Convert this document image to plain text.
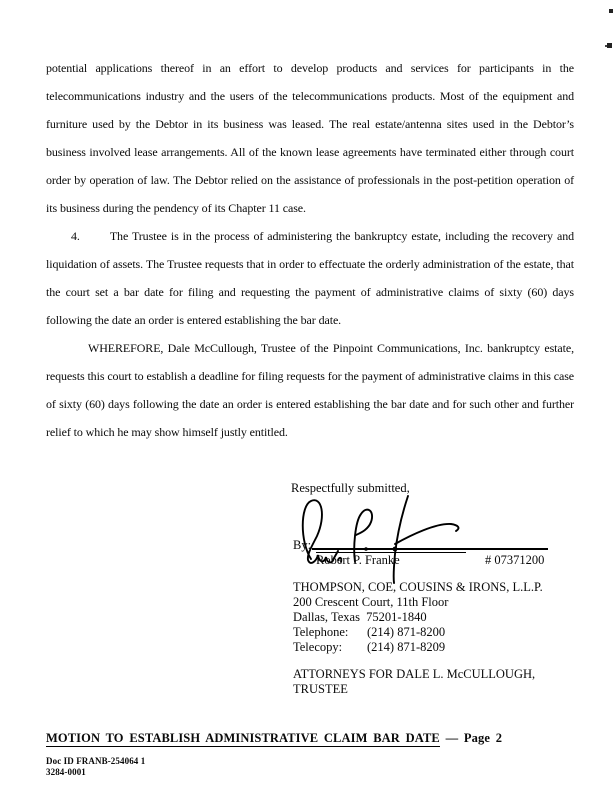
potential applications thereof in an effort to develop products and services for participants in the telecommunications industry and the users of the telecommunications products. Most of the equipment and furniture used by the Debtor in its business was leased. The real estate/antenna sites used in the Debtor’s business involved lease arrangements. All of the known lease agreements have terminated either through court order by operation of law. The Debtor relied on the assistance of professionals in the post-petition operation of its business during the pendency of its Chapter 11 case.

4.	The Trustee is in the process of administering the bankruptcy estate, including the recovery and liquidation of assets. The Trustee requests that in order to effectuate the orderly administration of the estate, that the court set a bar date for filing and requesting the payment of administrative claims of sixty (60) days following the date an order is entered establishing the bar date.

WHEREFORE, Dale McCullough, Trustee of the Pinpoint Communications, Inc. bankruptcy estate, requests this court to establish a deadline for filing requests for the payment of administrative claims in this case of sixty (60) days following the date an order is entered establishing the bar date and for such other and further relief to which he may show himself justly entitled.

Respectfully submitted,
By:
Robert P. Franke	# 07371200
THOMPSON, COE, COUSINS & IRONS, L.L.P.
200 Crescent Court, 11th Floor
Dallas, Texas  75201-1840
Telephone:	(214) 871-8200
Telecopy:	(214) 871-8209
ATTORNEYS FOR DALE L. McCULLOUGH,
TRUSTEE
MOTION TO ESTABLISH ADMINISTRATIVE CLAIM BAR DATE — Page 2
Doc ID FRANB-254064 1
3284-0001
